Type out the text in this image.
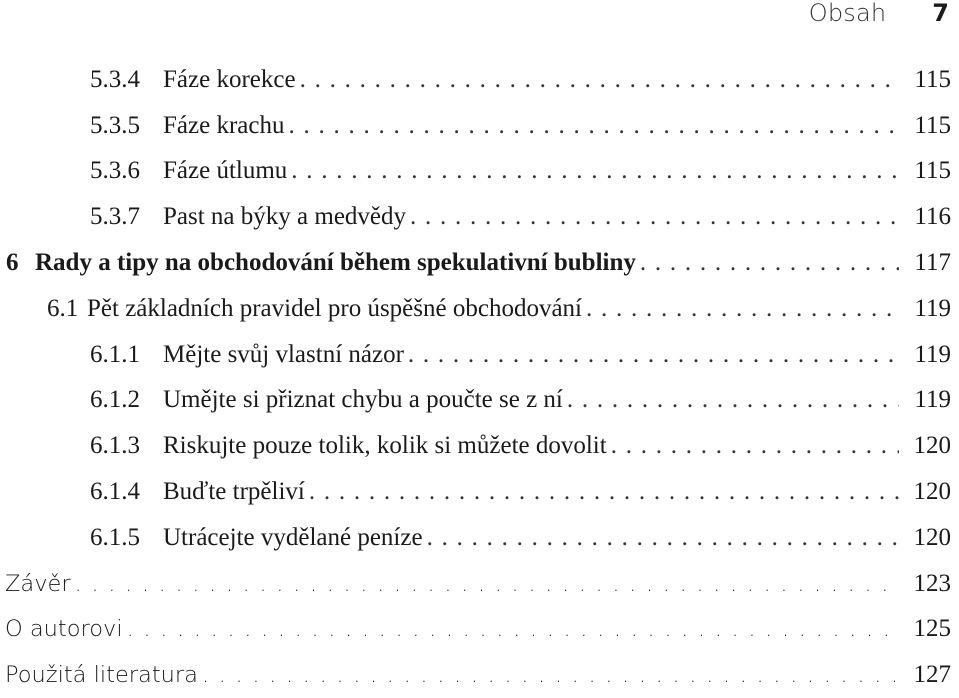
Obsah 7
5.3.4 Fáze korekce . . .	115
5.3.5 Fáze krachu . . .	115
5.3.6 Fáze útlumu . . .	115
5.3.7 Past na býky a medvědy . . .	116
6 Rady a tipy na obchodování během spekulativní bubliny . . .	117
6.1 Pět základních pravidel pro úspěšné obchodování . . .	119
6.1.1 Mějte svůj vlastní názor . . .	119
6.1.2 Umějte si přiznat chybu a poučte se z ní . . .	119
6.1.3 Riskujte pouze tolik, kolik si můžete dovolit . . .	120
6.1.4 Buďte trpěliví . . .	120
6.1.5 Utrácejte vydělané peníze . . .	120
Závěr . . .	123
O autorovi . . .	125
Použitá literatura . . .	127
